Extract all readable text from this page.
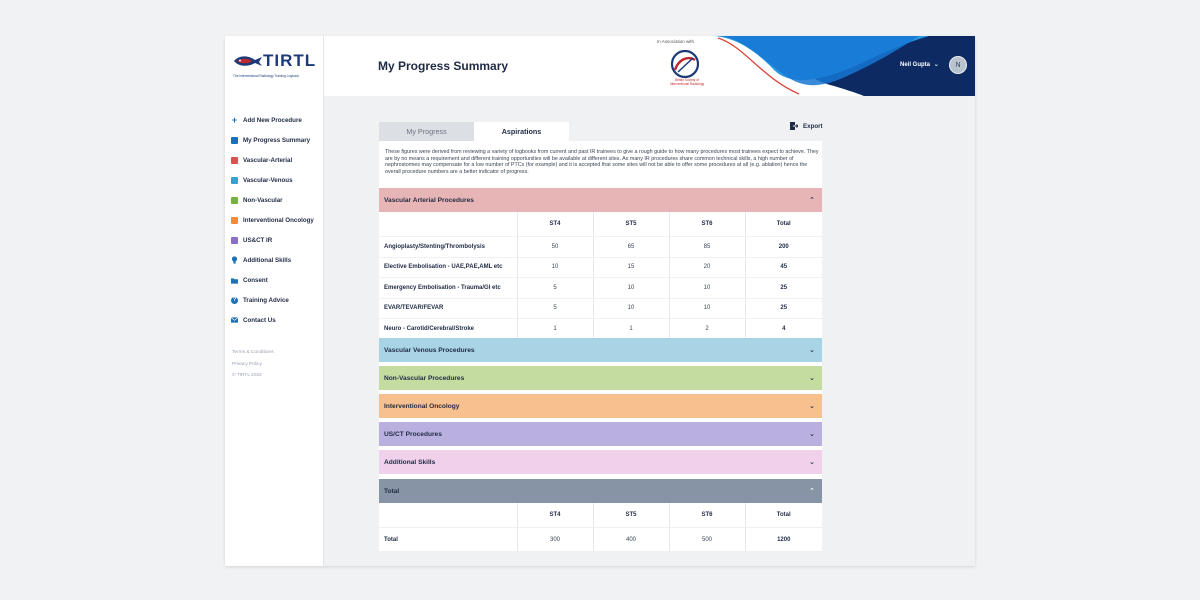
TIRTL
The Interventional Radiology Training Logbook
+ Add New Procedure
My Progress Summary
Vascular-Arterial
Vascular-Venous
Non-Vascular
Interventional Oncology
US&CT IR
Additional Skills
Consent
? Training Advice
Contact Us
Terms & Conditions
Privacy Policy
© TIRTL 2022
My Progress Summary
In Association with
British Society of Interventional Radiology
Neil Gupta ⌄	N
My Progress	Aspirations
Export
These figures were derived from reviewing a variety of logbooks from current and past IR trainees to give a rough guide to how many procedures most trainees expect to achieve. They are by no means a requirement and different training opportunities will be available at different sites. As many IR procedures share common technical skills, a high number of nephrostomies may compensate for a low number of PTCs (for example) and it is accepted that some sites will not be able to offer some procedures at all (e.g. ablation) hence the overall procedure numbers are a better indicator of progress.
Vascular Arterial Procedures	⌃
	ST4	ST5	ST6	Total
Angioplasty/Stenting/Thrombolysis	50	65	85	200
Elective Embolisation - UAE,PAE,AML etc	10	15	20	45
Emergency Embolisation - Trauma/GI etc	5	10	10	25
EVAR/TEVAR/FEVAR	5	10	10	25
Neuro - Carotid/Cerebral/Stroke	1	1	2	4
Vascular Venous Procedures	⌄
Non-Vascular Procedures	⌄
Interventional Oncology	⌄
US/CT Procedures	⌄
Additional Skills	⌄
Total	⌃
	ST4	ST5	ST6	Total
Total	300	400	500	1200
